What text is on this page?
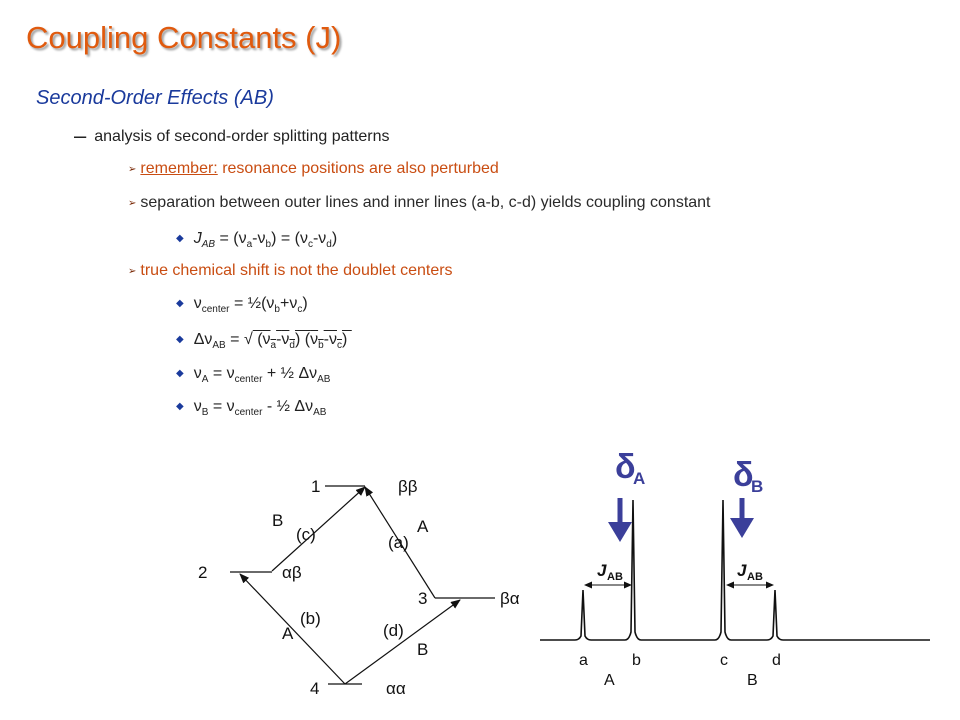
Coupling Constants (J)
Second-Order Effects (AB)
– analysis of second-order splitting patterns
➢ remember: resonance positions are also perturbed
➢ separation between outer lines and inner lines (a-b, c-d) yields coupling constant
◆ $J_{AB} = (\nu_a-\nu_b) = (\nu_c-\nu_d)$
➢ true chemical shift is not the doublet centers
◆ $\nu_{center}$ = $\frac{1}{2}(\nu_b+\nu_c)$
◆ $\Delta\nu_{AB}$ = √ $(\nu_a-\nu_d)$ $(\nu_b-\nu_c)$
◆ $\nu_A = \nu_{center}$ + ½ $\Delta\nu_{AB}$
◆ $\nu_B = \nu_{center}$ - ½ $\Delta\nu_{AB}$
1
2
3
4
ββ
αβ
βα
αα
(a)
(b)
(c)
(d)
A
B
A
B
δ
A	δ
B
J AB	J AB
a	b	c	d
A	B
